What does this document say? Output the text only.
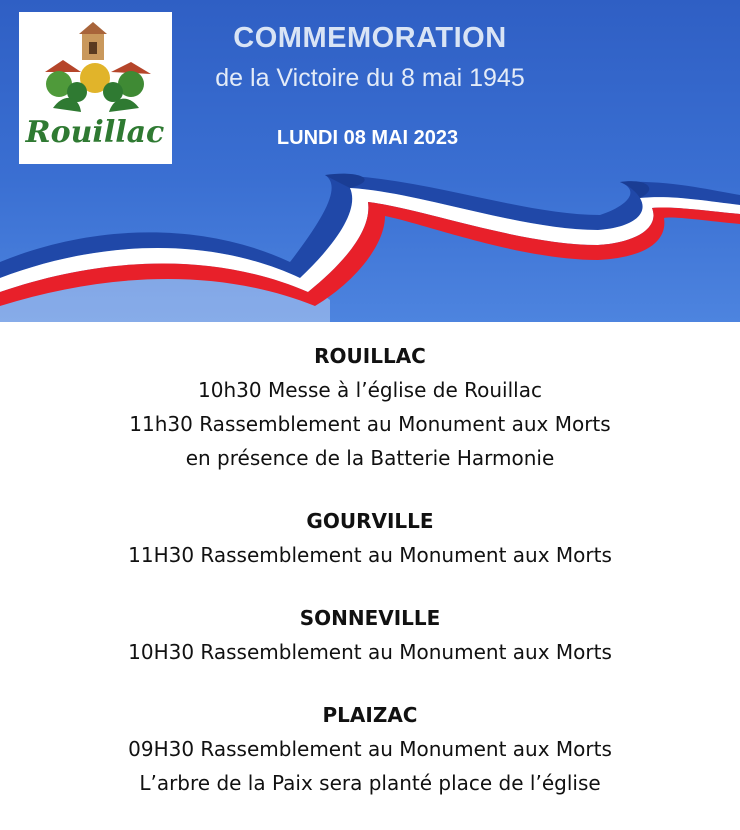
Rouillac
COMMEMORATION
de la Victoire du 8 mai 1945
LUNDI 08 MAI 2023
ROUILLAC
10h30 Messe à l’église de Rouillac
11h30 Rassemblement au Monument aux Morts
en présence de la Batterie Harmonie
GOURVILLE
11H30 Rassemblement au Monument aux Morts
SONNEVILLE
10H30 Rassemblement au Monument aux Morts
PLAIZAC
09H30 Rassemblement au Monument aux Morts
L’arbre de la Paix sera planté place de l’église
